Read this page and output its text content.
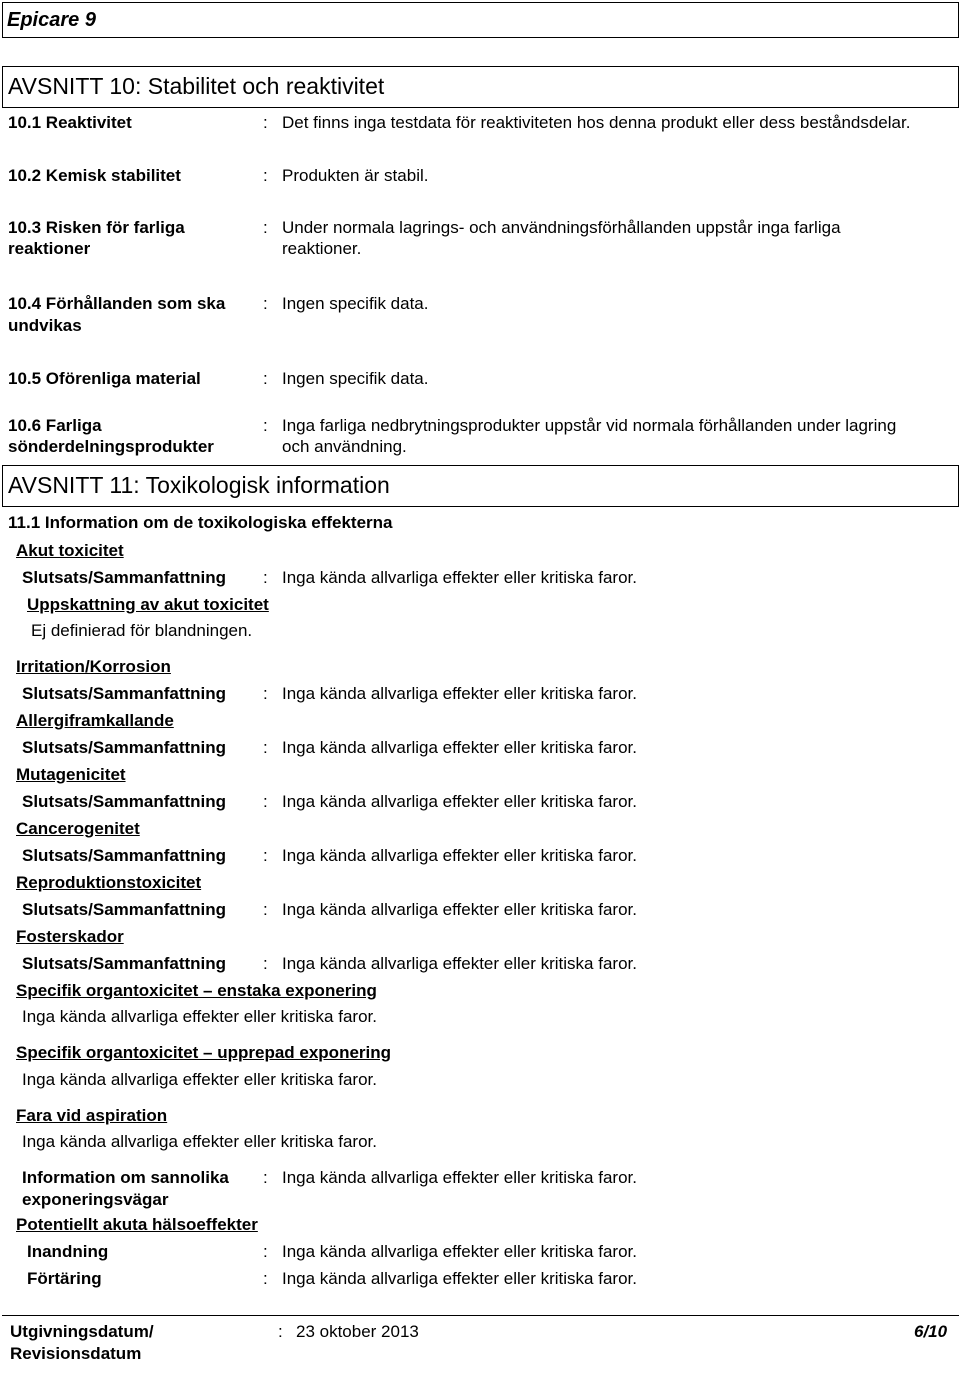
Epicare 9
AVSNITT 10: Stabilitet och reaktivitet
10.1 Reaktivitet	: Det finns inga testdata för reaktiviteten hos denna produkt eller dess beståndsdelar.
10.2 Kemisk stabilitet	: Produkten är stabil.
10.3 Risken för farliga
reaktioner
: Under normala lagrings- och användningsförhållanden uppstår inga farliga
reaktioner.
10.4 Förhållanden som ska
undvikas
: Ingen specifik data.
10.5 Oförenliga material	: Ingen specifik data.
10.6 Farliga
sönderdelningsprodukter
: Inga farliga nedbrytningsprodukter uppstår vid normala förhållanden under lagring
och användning.
AVSNITT 11: Toxikologisk information
11.1 Information om de toxikologiska effekterna
Akut toxicitet
Slutsats/Sammanfattning : Inga kända allvarliga effekter eller kritiska faror.
Uppskattning av akut toxicitet
Ej definierad för blandningen.
Irritation/Korrosion
Slutsats/Sammanfattning : Inga kända allvarliga effekter eller kritiska faror.
Allergiframkallande
Slutsats/Sammanfattning : Inga kända allvarliga effekter eller kritiska faror.
Mutagenicitet
Slutsats/Sammanfattning : Inga kända allvarliga effekter eller kritiska faror.
Cancerogenitet
Slutsats/Sammanfattning : Inga kända allvarliga effekter eller kritiska faror.
Reproduktionstoxicitet
Slutsats/Sammanfattning : Inga kända allvarliga effekter eller kritiska faror.
Fosterskador
Slutsats/Sammanfattning : Inga kända allvarliga effekter eller kritiska faror.
Specifik organtoxicitet – enstaka exponering
Inga kända allvarliga effekter eller kritiska faror.
Specifik organtoxicitet – upprepad exponering
Inga kända allvarliga effekter eller kritiska faror.
Fara vid aspiration
Inga kända allvarliga effekter eller kritiska faror.
Information om sannolika
exponeringsvägar
: Inga kända allvarliga effekter eller kritiska faror.
Potentiellt akuta hälsoeffekter
Inandning	: Inga kända allvarliga effekter eller kritiska faror.
Förtäring	: Inga kända allvarliga effekter eller kritiska faror.
Utgivningsdatum/
Revisionsdatum
: 23 oktober 2013	6/10
